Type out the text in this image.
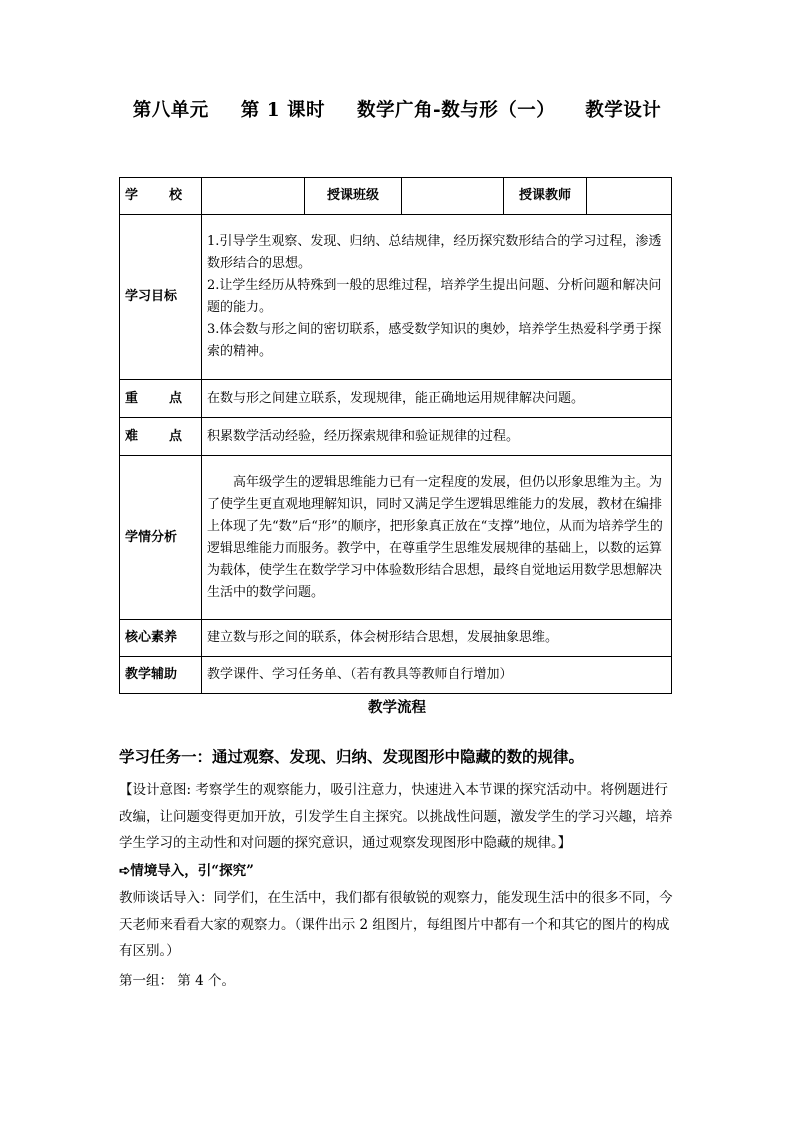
第八单元 第 1 课时 数学广角-数与形（一） 教学设计
学 校		授课班级		授课教师	
学习目标	1.引导学生观察、发现、归纳、总结规律，经历探究数形结合的学习过程，渗透数形结合的思想。
2.让学生经历从特殊到一般的思维过程，培养学生提出问题、分析问题和解决问题的能力。
3.体会数与形之间的密切联系，感受数学知识的奥妙，培养学生热爱科学勇于探索的精神。				

重 点	在数与形之间建立联系，发现规律，能正确地运用规律解决问题。				

难 点	积累数学活动经验，经历探索规律和验证规律的过程。				
学情分析	高年级学生的逻辑思维能力已有一定程度的发展，但仍以形象思维为主。为了使学生更直观地理解知识，同时又满足学生逻辑思维能力的发展，教材在编排上体现了先“数”后“形”的顺序，把形象真正放在“支撑”地位，从而为培养学生的逻辑思维能力而服务。教学中，在尊重学生思维发展规律的基础上，以数的运算为载体，使学生在数学学习中体验数形结合思想，最终自觉地运用数学思想解决生活中的数学问题。				
核心素养	建立数与形之间的联系，体会树形结合思想，发展抽象思维。				
教学辅助	教学课件、学习任务单、（若有教具等教师自行增加）				
教学流程
学习任务一：通过观察、发现、归纳、发现图形中隐藏的数的规律。
【设计意图: 考察学生的观察能力，吸引注意力，快速进入本节课的探究活动中。将例题进行改编，让问题变得更加开放，引发学生自主探究。以挑战性问题，激发学生的学习兴趣，培养学生学习的主动性和对问题的探究意识，通过观察发现图形中隐藏的规律。】
➪情境导入，引“探究”
教师谈话导入：同学们，在生活中，我们都有很敏锐的观察力，能发现生活中的很多不同，今天老师来看看大家的观察力。（课件出示 2 组图片，每组图片中都有一个和其它的图片的构成有区别。）
第一组： 第 4 个。
